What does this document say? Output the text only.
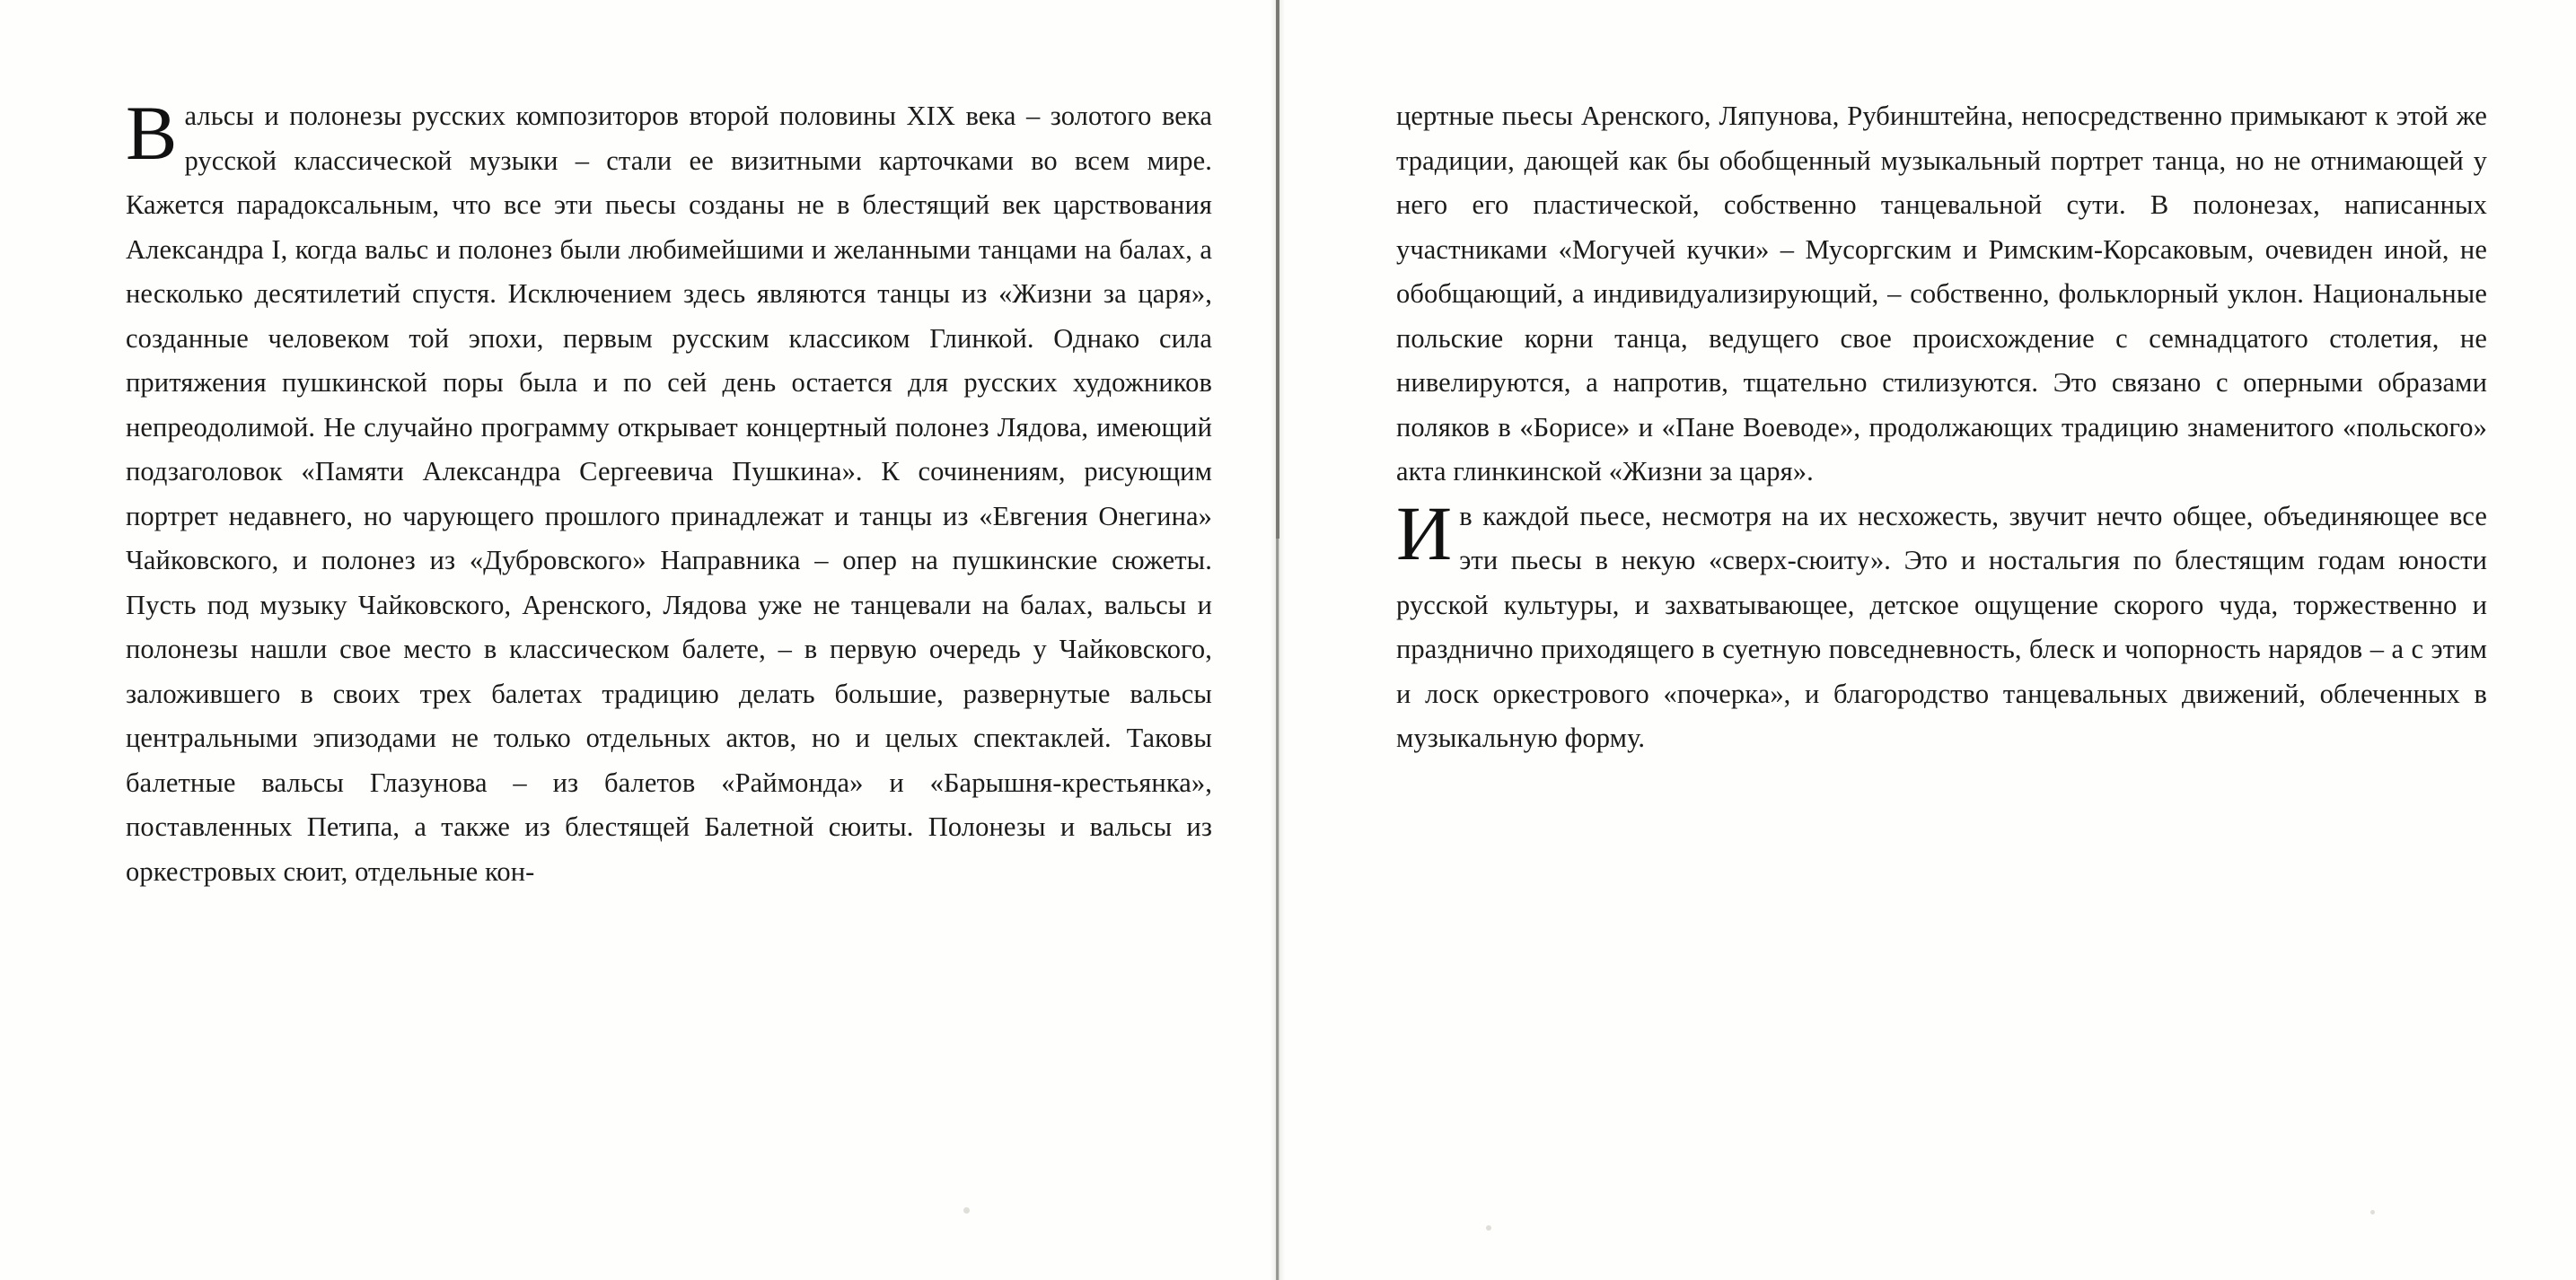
Вальсы и полонезы русских композиторов второй половины XIX века – золотого века русской классической музыки – стали ее визитными карточками во всем мире. Кажется парадоксальным, что все эти пьесы созданы не в блестящий век царствования Александра I, когда вальс и полонез были любимейшими и желанными танцами на балах, а несколько десятилетий спустя. Исключением здесь являются танцы из «Жизни за царя», созданные человеком той эпохи, первым русским классиком Глинкой. Однако сила притяжения пушкинской поры была и по сей день остается для русских художников непреодолимой. Не случайно программу открывает концертный полонез Лядова, имеющий подзаголовок «Памяти Александра Сергеевича Пушкина». К сочинениям, рисующим портрет недавнего, но чарующего прошлого принадлежат и танцы из «Евгения Онегина» Чайковского, и полонез из «Дубровского» Направника – опер на пушкинские сюжеты. Пусть под музыку Чайковского, Аренского, Лядова уже не танцевали на балах, вальсы и полонезы нашли свое место в классическом балете, – в первую очередь у Чайковского, заложившего в своих трех балетах традицию делать большие, развернутые вальсы центральными эпизодами не только отдельных актов, но и целых спектаклей. Таковы балетные вальсы Глазунова – из балетов «Раймонда» и «Барышня-крестьянка», поставленных Петипа, а также из блестящей Балетной сюиты. Полонезы и вальсы из оркестровых сюит, отдельные кон-

цертные пьесы Аренского, Ляпунова, Рубинштейна, непосредственно примыкают к этой же традиции, дающей как бы обобщенный музыкальный портрет танца, но не отнимающей у него его пластической, собственно танцевальной сути. В полонезах, написанных участниками «Могучей кучки» – Мусоргским и Римским-Корсаковым, очевиден иной, не обобщающий, а индивидуализирующий, – собственно, фольклорный уклон. Национальные польские корни танца, ведущего свое происхождение с семнадцатого столетия, не нивелируются, а напротив, тщательно стилизуются. Это связано с оперными образами поляков в «Борисе» и «Пане Воеводе», продолжающих традицию знаменитого «польского» акта глинкинской «Жизни за царя».

И в каждой пьесе, несмотря на их несхожесть, звучит нечто общее, объединяющее все эти пьесы в некую «сверх-сюиту». Это и ностальгия по блестящим годам юности русской культуры, и захватывающее, детское ощущение скорого чуда, торжественно и празднично приходящего в суетную повседневность, блеск и чопорность нарядов – а с этим и лоск оркестрового «почерка», и благородство танцевальных движений, облеченных в музыкальную форму.
